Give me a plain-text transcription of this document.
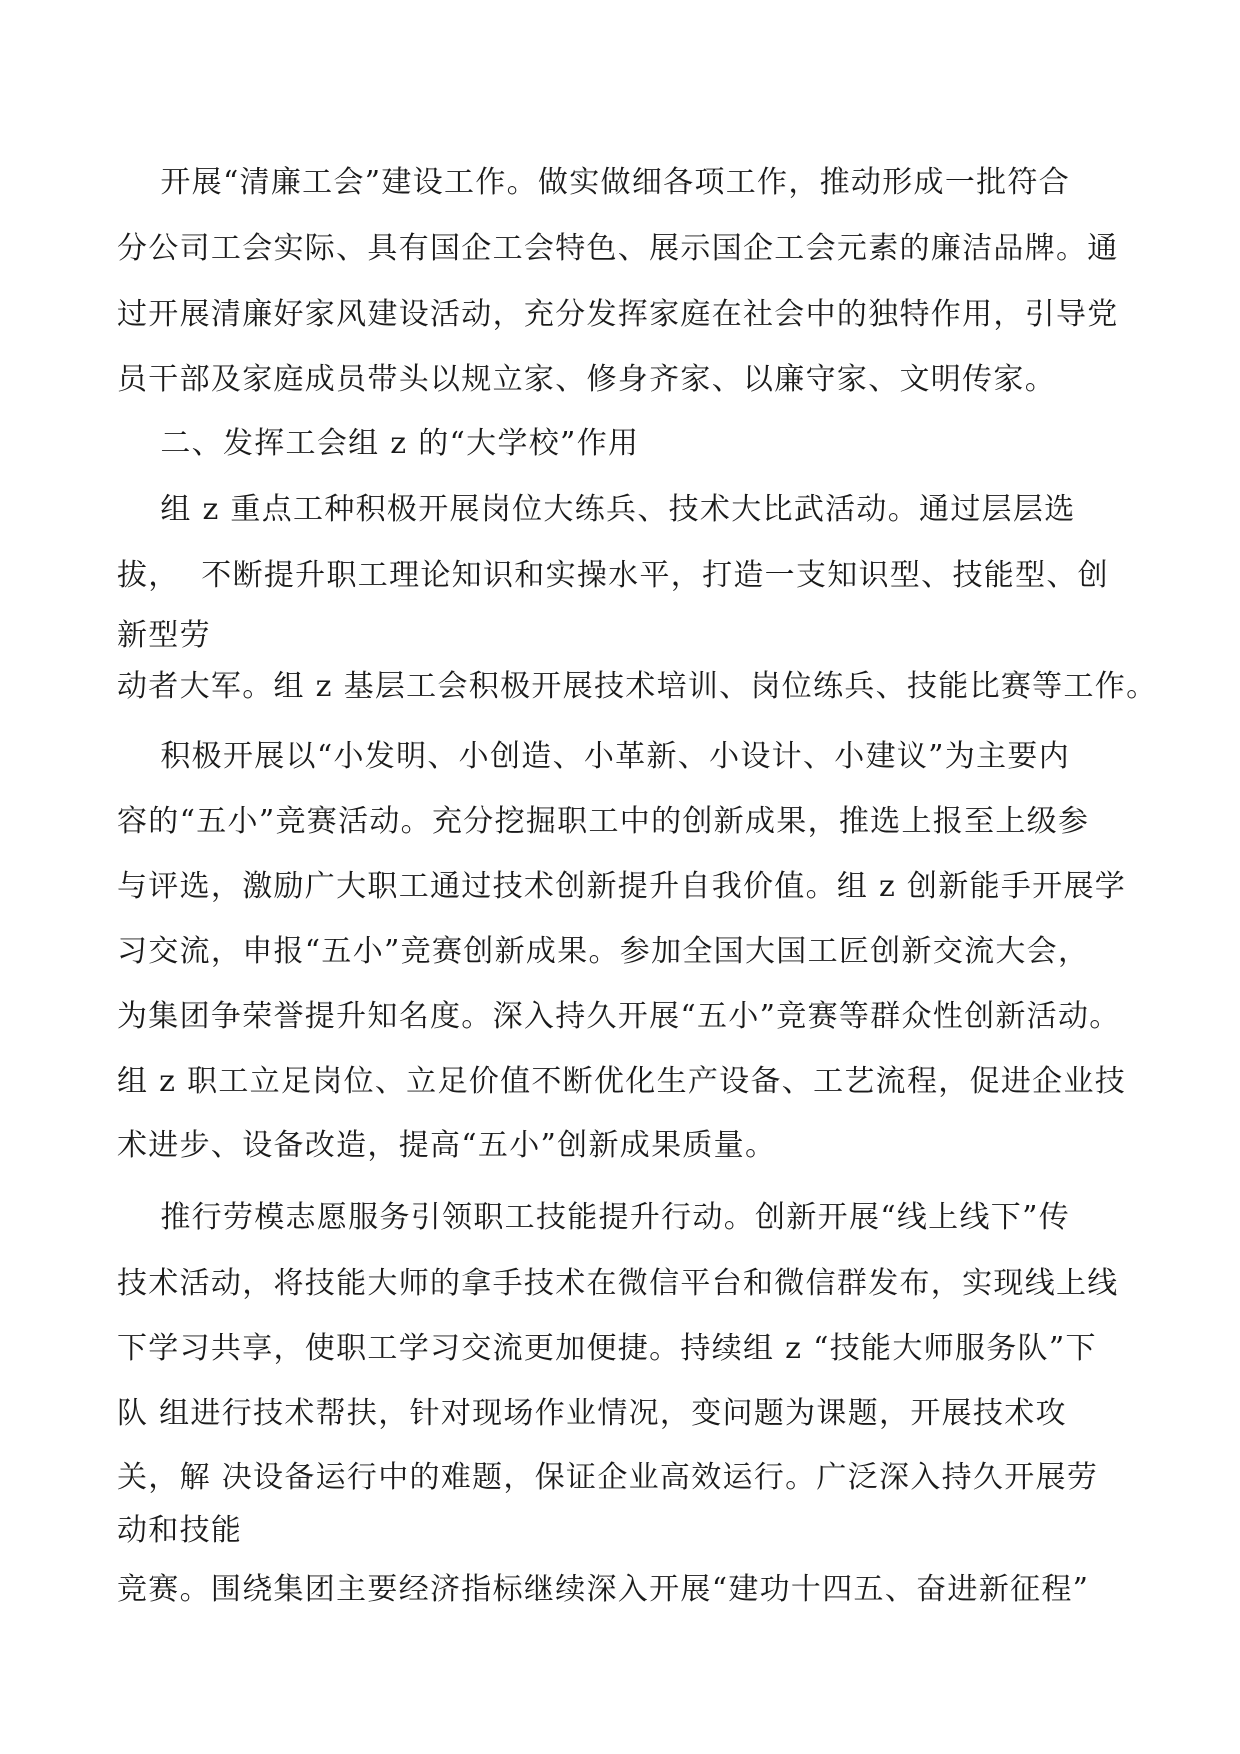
开展“清廉工会”建设工作。做实做细各项工作，推动形成一批符合
分公司工会实际、具有国企工会特色、展示国企工会元素的廉洁品牌。通
过开展清廉好家风建设活动，充分发挥家庭在社会中的独特作用，引导党
员干部及家庭成员带头以规立家、修身齐家、以廉守家、文明传家。
二、发挥工会组 z 的“大学校”作用
组 z 重点工种积极开展岗位大练兵、技术大比武活动。通过层层选
拔，  不断提升职工理论知识和实操水平，打造一支知识型、技能型、创
新型劳
动者大军。组 z 基层工会积极开展技术培训、岗位练兵、技能比赛等工作。
积极开展以“小发明、小创造、小革新、小设计、小建议”为主要内
容的“五小”竞赛活动。充分挖掘职工中的创新成果，推选上报至上级参
与评选，激励广大职工通过技术创新提升自我价值。组 z 创新能手开展学
习交流，申报“五小”竞赛创新成果。参加全国大国工匠创新交流大会，
为集团争荣誉提升知名度。深入持久开展“五小”竞赛等群众性创新活动。
组 z 职工立足岗位、立足价值不断优化生产设备、工艺流程，促进企业技
术进步、设备改造，提高“五小”创新成果质量。
推行劳模志愿服务引领职工技能提升行动。创新开展“线上线下”传
技术活动，将技能大师的拿手技术在微信平台和微信群发布，实现线上线
下学习共享，使职工学习交流更加便捷。持续组 z “技能大师服务队”下
队 组进行技术帮扶，针对现场作业情况，变问题为课题，开展技术攻
关，解 决设备运行中的难题，保证企业高效运行。广泛深入持久开展劳
动和技能
竞赛。围绕集团主要经济指标继续深入开展“建功十四五、奋进新征程”
